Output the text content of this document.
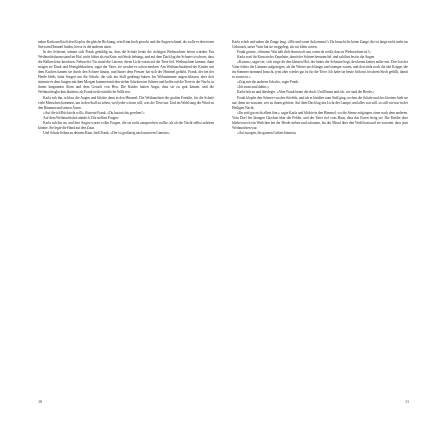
nahm Karla und hielt den Kopf in die gleiche Richtung, sein Kinn hoch gereckt und die Augen schmal, als wolle er den ersten Stern am Himmel finden, bevor es die anderen taten.

In der Scheune, stimmt sich Frank geduldig zu, dass die Schafe heute die richtigen Weihnachten feiern würden. Ein Weihnachtsbaum stand im Hof, nicht höher als ein Knie, mit Stroh behängt, und auf dem Dach lag der Schnee so schwer, dass die Balken leise knackten. Neben der Tür stand die Laterne, deren Licht warm auf die Tiere fiel. Weihnachten kommt, dann mögen sie Dank und Honiglebkuchen, sagte der Vater, sie werden es schon merken. Am Weihnachtsabend der Kinder mit dem Kuchen kamen sie durch den Schnee hinaus, und hinter dem Fenster hat sich der Himmel gefärbt. Frank, der bei der Herde blieb, hatte Sorgen um die Schafe, die sich am Stall gedrängt hatten. Im Wohnzimmer angeschlossen, aber dort stimmte es dem Jungen mit dem Morgen kommen mit den vielen Schritten im Schnee und hoffte auf die Tiere in der Nacht, in ihrem langsamen Atem und dem Geruch von Heu. Die Kinder hatten Angst, dass sie zu spät kämen, und die Weihnachtsglocken läuteten, als Frank in die nächtliche Stille trat.

Karla sah ihn, schloss die Augen und blickte dann in den Himmel. Die Weihnachten der großen Familie, für die Schafe viele Menschen kommen, um in den Stall zu sehen, weil jeder wissen will, was die Tiere tun. Und im Wald sang der Wind zu den Bäumen und seinen Ästen.

»Auf die ich Rücksicht will«, flüsterte Frank. »Du hast nichts gesehen?«

Auf dem Weihnachtshof nämlich. Die stellten Fragen:

Karla sah ihn an, und ihre Augen waren voller Fragen, die sie nicht aussprechen wollte, als ob die Nacht selbst zuhören könnte. Sie legte die Hand auf den Zaun.

Und Schafe lieben an deinem Kinn, hieß Frank. »Der ist großartig nach unserem Gemüse«

Karla schob und nahm die Zange lang. »Mit und wenn du kommst?« Da braucht ihr keine Zange, die ist lange nicht mehr im Gebrauch, unser Vater hat sie weggelegt, als wir klein waren.

Frank grinste. »Stimmt. Was hält dich denn noch um, wenn du weißt, dass es Weihnachten ist?«

Karla warf ihr Kinn an der Zaunlatte, damit der Schnee herunterfiel, und sah ihm fest in die Augen.

»Komm«, sagte sie, »ich zeige dir den kleinen Hof, der hinter der Scheune liegt, den kennt keiner außer mir. Dort hat der Vater früher die Lämmer aufgezogen, als die Winter noch länger und strenger waren, und dort steht noch die alte Krippe, die im Sommer niemand braucht, jetzt aber wieder gut ist für die Tiere. Ich habe sie heute früh mit frischem Stroh gefüllt, damit es warm ist.«

»Zeig mir die anderen Schafe«, sagte Frank.

»Ich muss mal dahin.«

Karla hob an und überlegte. »Aber Frank kennt die doch. Und Emmi und ich, wir sind die Herde.«

Frank klopfte den Schnee von den Stiefeln, und als er hinüber zum Stall ging, rochen die Schafe und doch keiner hielt sie auf, denn sie wussten, wer zu ihnen gehörte. Auf dem Dach lag das Licht der Lampe, und alles war still, so still wie nur in der Heiligen Nacht.

»Ihr seid gar nicht allein hier«, sagte Karla und blickte in den Himmel, wo die Sterne aufgingen, einer nach dem anderen. Vom Dorf her klangen Glocken über die Felder, und der Vater rief vom Haus, dass das Essen fertig sei. Die Kinder aber blieben noch ein Weilchen bei der Herde stehen und schauten, bis der Mond über den Wald kam und sie wussten, dass jetzt Weihnachten war.

»Auf morgen, die ganzen Lieben können«

10	11
